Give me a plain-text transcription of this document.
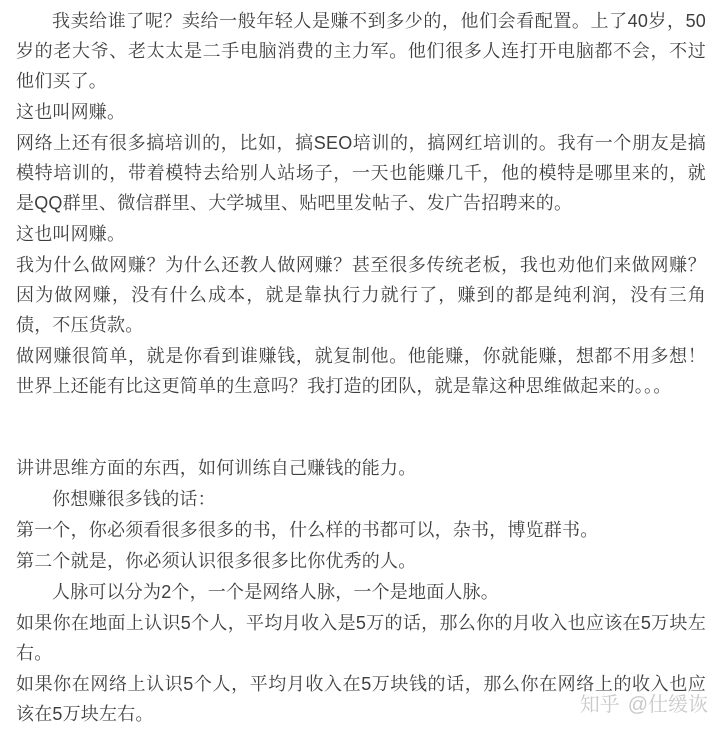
我卖给谁了呢？卖给一般年轻人是赚不到多少的，他们会看配置。上了40岁，50岁的老大爷、老太太是二手电脑消费的主力军。他们很多人连打开电脑都不会，不过他们买了。

这也叫网赚。

网络上还有很多搞培训的，比如，搞SEO培训的，搞网红培训的。我有一个朋友是搞模特培训的，带着模特去给别人站场子，一天也能赚几千，他的模特是哪里来的，就是QQ群里、微信群里、大学城里、贴吧里发帖子、发广告招聘来的。

这也叫网赚。

我为什么做网赚？为什么还教人做网赚？甚至很多传统老板，我也劝他们来做网赚？因为做网赚，没有什么成本，就是靠执行力就行了，赚到的都是纯利润，没有三角债，不压货款。

做网赚很简单，就是你看到谁赚钱，就复制他。他能赚，你就能赚，想都不用多想！世界上还能有比这更简单的生意吗？我打造的团队，就是靠这种思维做起来的。。。

讲讲思维方面的东西，如何训练自己赚钱的能力。

你想赚很多钱的话：

第一个，你必须看很多很多的书，什么样的书都可以，杂书，博览群书。

第二个就是，你必须认识很多很多比你优秀的人。

人脉可以分为2个，一个是网络人脉，一个是地面人脉。

如果你在地面上认识5个人，平均月收入是5万的话，那么你的月收入也应该在5万块左右。

如果你在网络上认识5个人，平均月收入在5万块钱的话，那么你在网络上的收入也应该在5万块左右。	知乎 @仕缓诙
